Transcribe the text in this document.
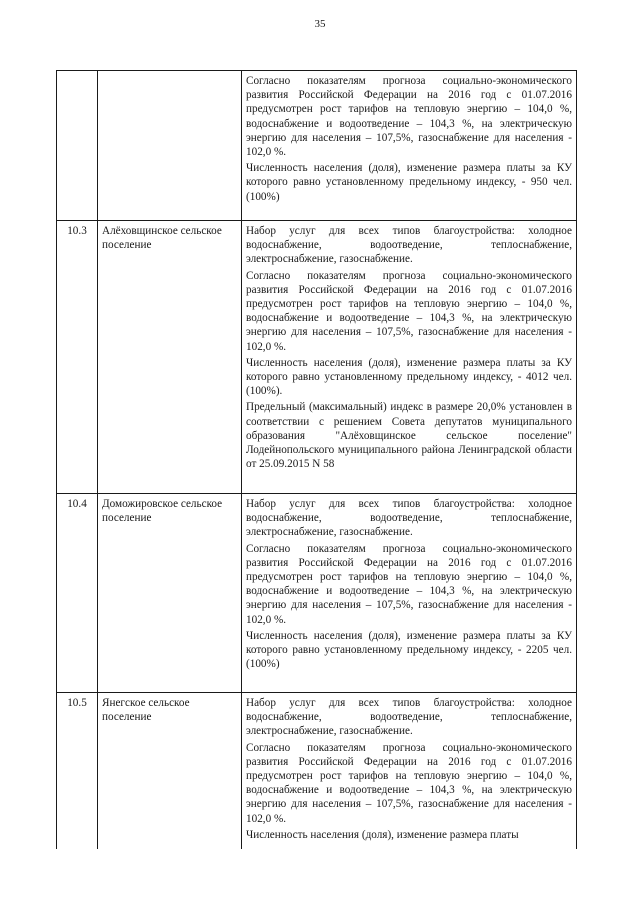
35

		Согласно показателям прогноза социально-экономического развития Российской Федерации на 2016 год с 01.07.2016 предусмотрен рост тарифов на тепловую энергию – 104,0 %, водоснабжение и водоотведение – 104,3 %, на электрическую энергию для населения – 107,5%, газоснабжение для населения - 102,0 %.

Численность населения (доля), изменение размера платы за КУ которого равно установленному предельному индексу, - 950 чел. (100%)

10.3	Алёховщинское сельское поселение	Набор услуг для всех типов благоустройства: холодное водоснабжение, водоотведение, теплоснабжение, электроснабжение, газоснабжение.

Согласно показателям прогноза социально-экономического развития Российской Федерации на 2016 год с 01.07.2016 предусмотрен рост тарифов на тепловую энергию – 104,0 %, водоснабжение и водоотведение – 104,3 %, на электрическую энергию для населения – 107,5%, газоснабжение для населения - 102,0 %.

Численность населения (доля), изменение размера платы за КУ которого равно установленному предельному индексу, - 4012 чел. (100%).

Предельный (максимальный) индекс в размере 20,0% установлен в соответствии с решением Совета депутатов муниципального образования "Алёховщинское сельское поселение" Лодейнопольского муниципального района Ленинградской области от 25.09.2015 N 58

10.4	Доможировское сельское поселение	Набор услуг для всех типов благоустройства: холодное водоснабжение, водоотведение, теплоснабжение, электроснабжение, газоснабжение.

Согласно показателям прогноза социально-экономического развития Российской Федерации на 2016 год с 01.07.2016 предусмотрен рост тарифов на тепловую энергию – 104,0 %, водоснабжение и водоотведение – 104,3 %, на электрическую энергию для населения – 107,5%, газоснабжение для населения - 102,0 %.

Численность населения (доля), изменение размера платы за КУ которого равно установленному предельному индексу, - 2205 чел. (100%)

10.5	Янегское сельское поселение	Набор услуг для всех типов благоустройства: холодное водоснабжение, водоотведение, теплоснабжение, электроснабжение, газоснабжение.

Согласно показателям прогноза социально-экономического развития Российской Федерации на 2016 год с 01.07.2016 предусмотрен рост тарифов на тепловую энергию – 104,0 %, водоснабжение и водоотведение – 104,3 %, на электрическую энергию для населения – 107,5%, газоснабжение для населения - 102,0 %.

Численность населения (доля), изменение размера платы
